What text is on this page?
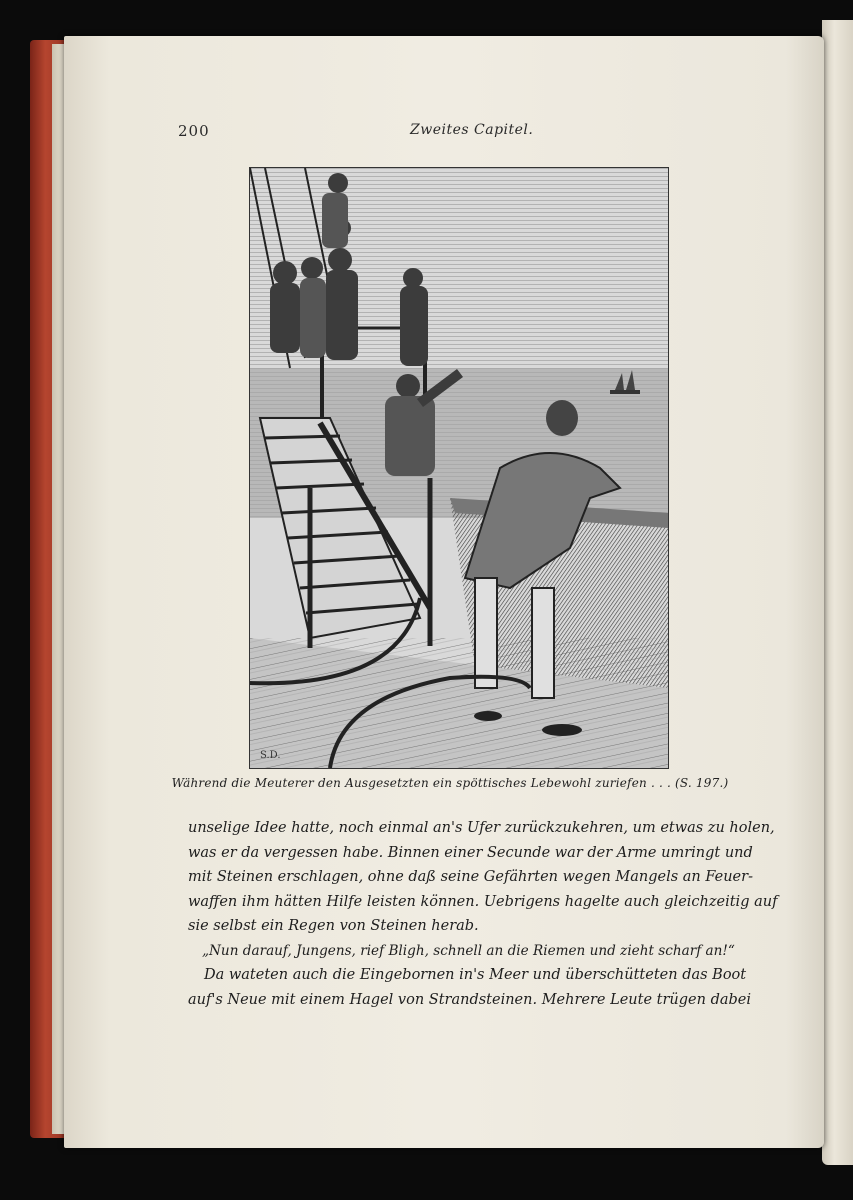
200	Zweites Capitel.
S.D.
Während die Meuterer den Ausgesetzten ein spöttisches Lebewohl zuriefen . . . (S. 197.)
unselige Idee hatte, noch einmal an's Ufer zurückzukehren, um etwas zu holen,
was er da vergessen habe. Binnen einer Secunde war der Arme umringt und
mit Steinen erschlagen, ohne daß seine Gefährten wegen Mangels an Feuer-
waffen ihm hätten Hilfe leisten können. Uebrigens hagelte auch gleichzeitig auf
sie selbst ein Regen von Steinen herab.
„Nun darauf, Jungens, rief Bligh, schnell an die Riemen und zieht scharf an!“
Da wateten auch die Eingebornen in's Meer und überschütteten das Boot
auf's Neue mit einem Hagel von Strandsteinen. Mehrere Leute trügen dabei
